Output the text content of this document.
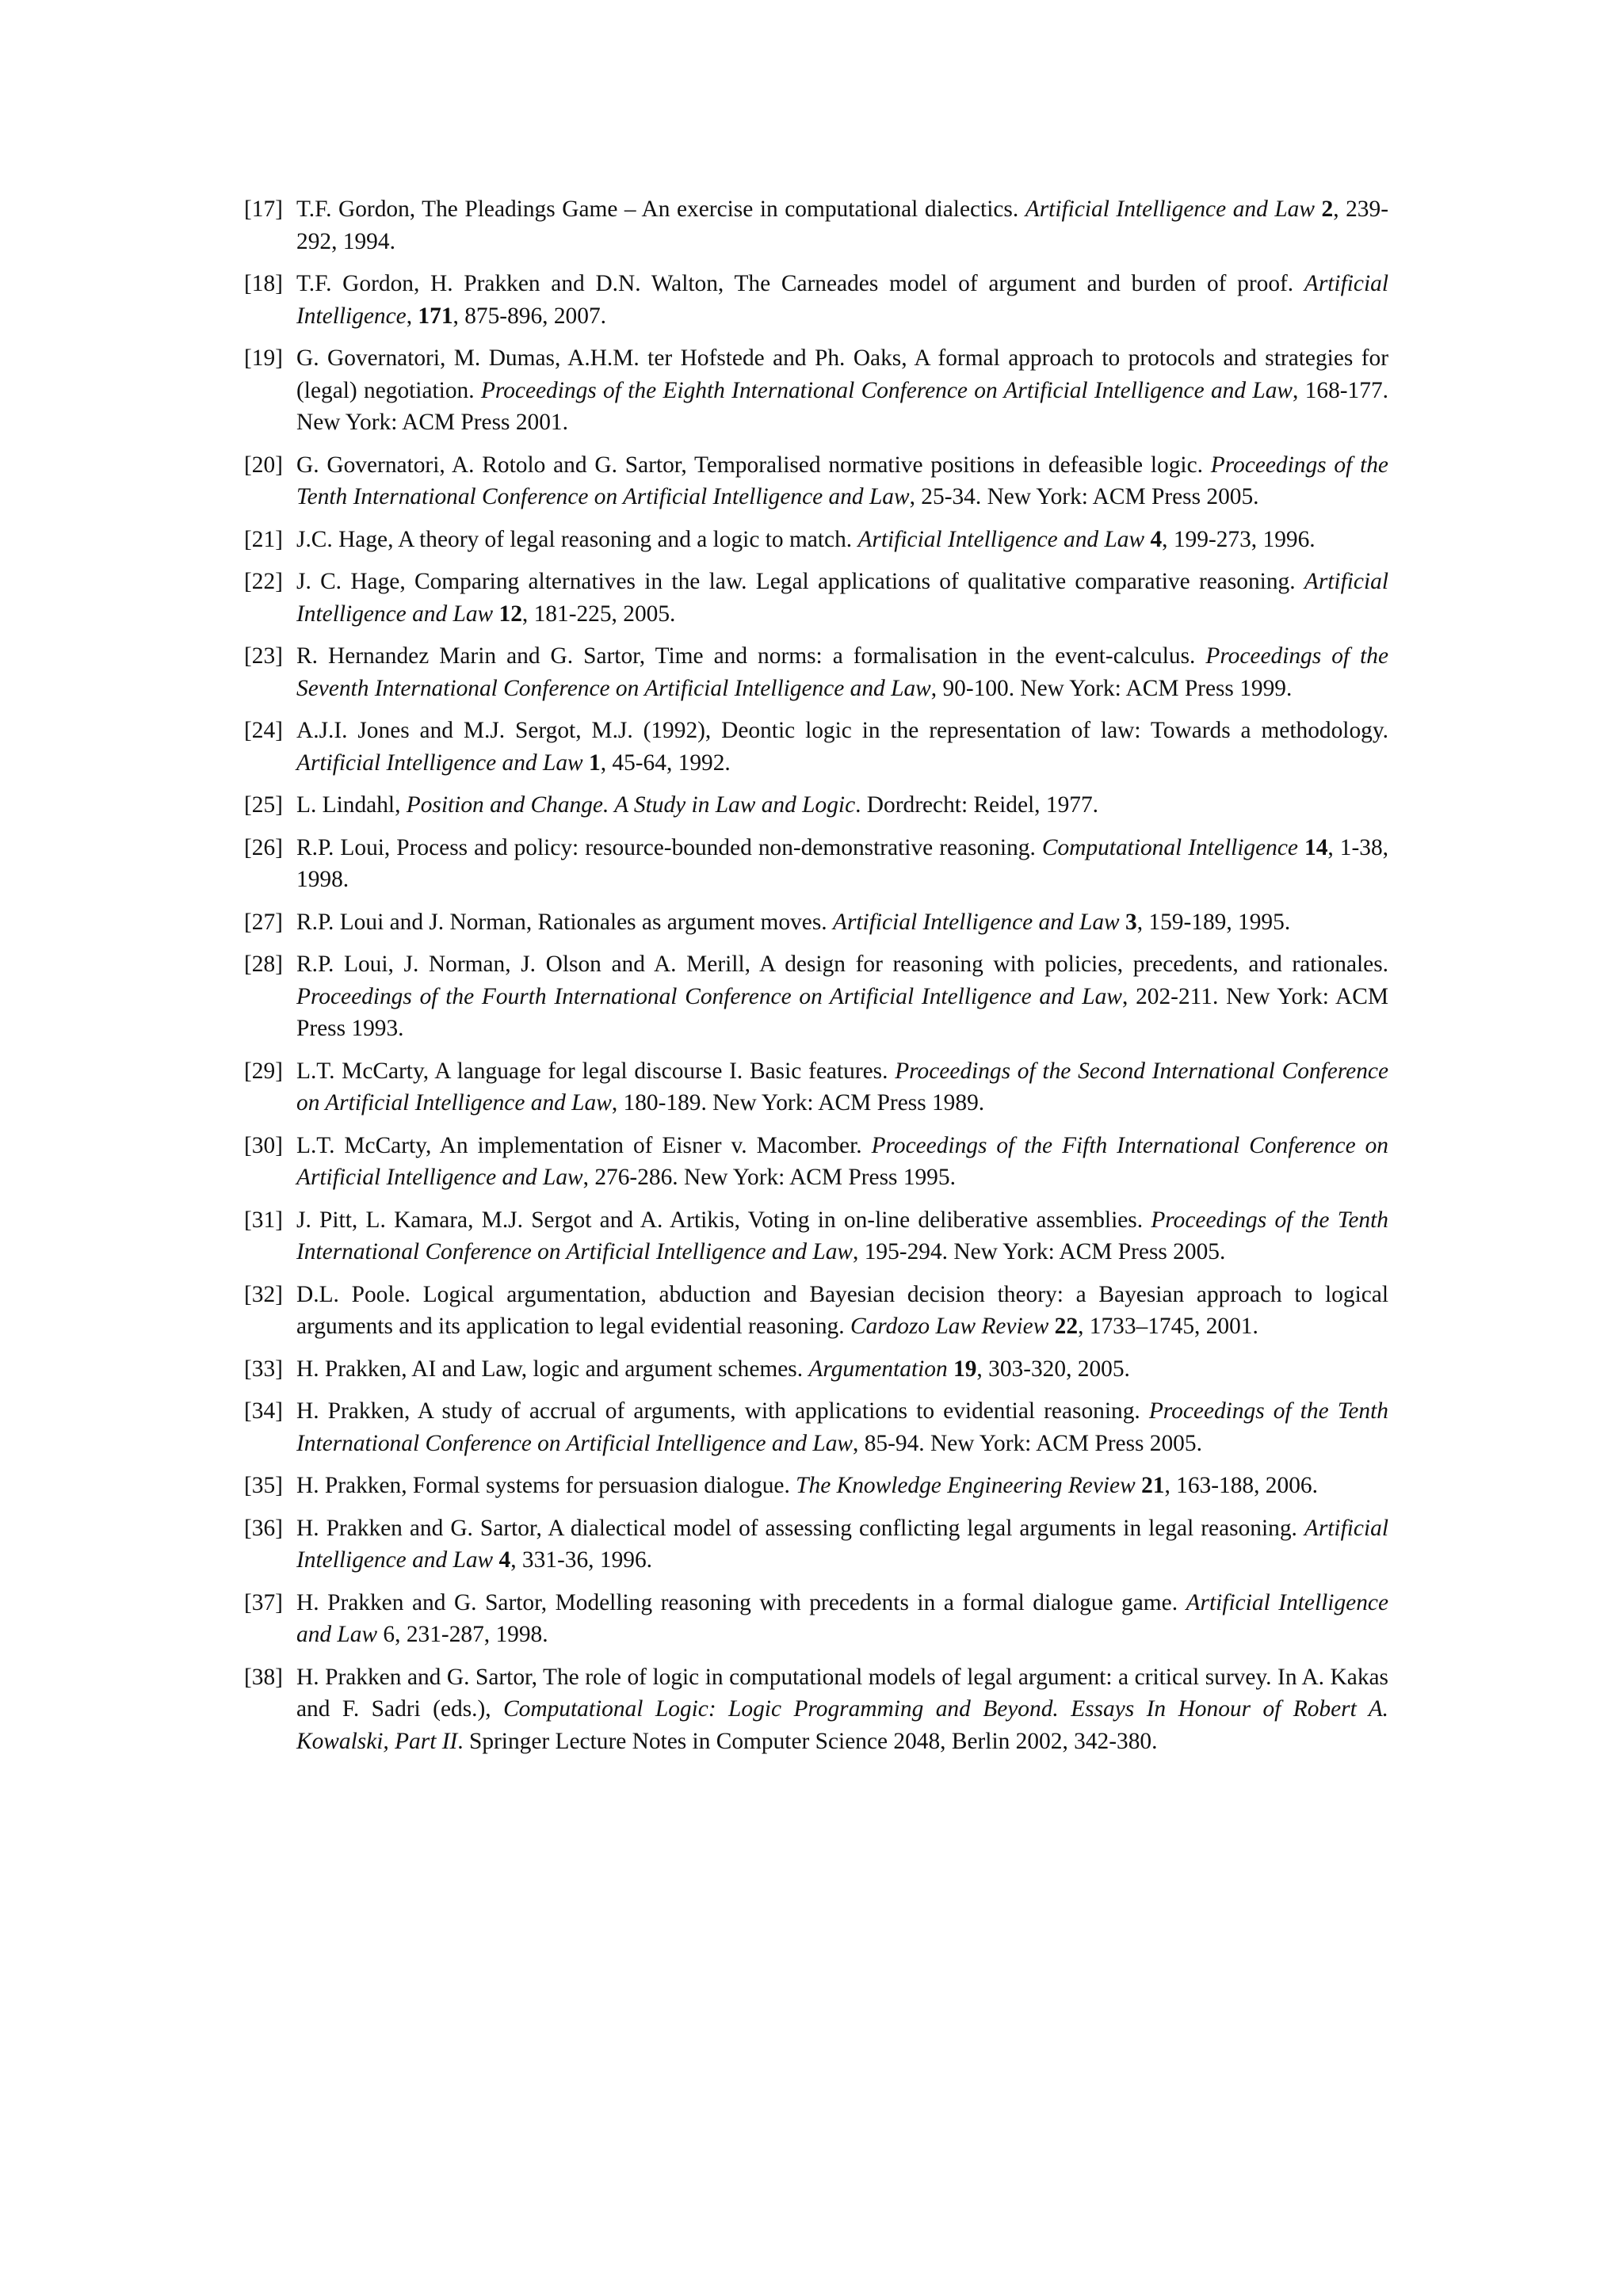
[17] T.F. Gordon, The Pleadings Game – An exercise in computational dialectics. Artificial Intelligence and Law 2, 239-292, 1994.
[18] T.F. Gordon, H. Prakken and D.N. Walton, The Carneades model of argument and burden of proof. Artificial Intelligence, 171, 875-896, 2007.
[19] G. Governatori, M. Dumas, A.H.M. ter Hofstede and Ph. Oaks, A formal approach to protocols and strategies for (legal) negotiation. Proceedings of the Eighth International Conference on Artificial Intelligence and Law, 168-177. New York: ACM Press 2001.
[20] G. Governatori, A. Rotolo and G. Sartor, Temporalised normative positions in defeasible logic. Proceedings of the Tenth International Conference on Artificial Intelligence and Law, 25-34. New York: ACM Press 2005.
[21] J.C. Hage, A theory of legal reasoning and a logic to match. Artificial Intelligence and Law 4, 199-273, 1996.
[22] J. C. Hage, Comparing alternatives in the law. Legal applications of qualitative comparative reasoning. Artificial Intelligence and Law 12, 181-225, 2005.
[23] R. Hernandez Marin and G. Sartor, Time and norms: a formalisation in the event-calculus. Proceedings of the Seventh International Conference on Artificial Intelligence and Law, 90-100. New York: ACM Press 1999.
[24] A.J.I. Jones and M.J. Sergot, M.J. (1992), Deontic logic in the representation of law: Towards a methodology. Artificial Intelligence and Law 1, 45-64, 1992.
[25] L. Lindahl, Position and Change. A Study in Law and Logic. Dordrecht: Reidel, 1977.
[26] R.P. Loui, Process and policy: resource-bounded non-demonstrative reasoning. Computational Intelligence 14, 1-38, 1998.
[27] R.P. Loui and J. Norman, Rationales as argument moves. Artificial Intelligence and Law 3, 159-189, 1995.
[28] R.P. Loui, J. Norman, J. Olson and A. Merill, A design for reasoning with policies, precedents, and rationales. Proceedings of the Fourth International Conference on Artificial Intelligence and Law, 202-211. New York: ACM Press 1993.
[29] L.T. McCarty, A language for legal discourse I. Basic features. Proceedings of the Second International Conference on Artificial Intelligence and Law, 180-189. New York: ACM Press 1989.
[30] L.T. McCarty, An implementation of Eisner v. Macomber. Proceedings of the Fifth International Conference on Artificial Intelligence and Law, 276-286. New York: ACM Press 1995.
[31] J. Pitt, L. Kamara, M.J. Sergot and A. Artikis, Voting in on-line deliberative assemblies. Proceedings of the Tenth International Conference on Artificial Intelligence and Law, 195-294. New York: ACM Press 2005.
[32] D.L. Poole. Logical argumentation, abduction and Bayesian decision theory: a Bayesian approach to logical arguments and its application to legal evidential reasoning. Cardozo Law Review 22, 1733–1745, 2001.
[33] H. Prakken, AI and Law, logic and argument schemes. Argumentation 19, 303-320, 2005.
[34] H. Prakken, A study of accrual of arguments, with applications to evidential reasoning. Proceedings of the Tenth International Conference on Artificial Intelligence and Law, 85-94. New York: ACM Press 2005.
[35] H. Prakken, Formal systems for persuasion dialogue. The Knowledge Engineering Review 21, 163-188, 2006.
[36] H. Prakken and G. Sartor, A dialectical model of assessing conflicting legal arguments in legal reasoning. Artificial Intelligence and Law 4, 331-36, 1996.
[37] H. Prakken and G. Sartor, Modelling reasoning with precedents in a formal dialogue game. Artificial Intelligence and Law 6, 231-287, 1998.
[38] H. Prakken and G. Sartor, The role of logic in computational models of legal argument: a critical survey. In A. Kakas and F. Sadri (eds.), Computational Logic: Logic Programming and Beyond. Essays In Honour of Robert A. Kowalski, Part II. Springer Lecture Notes in Computer Science 2048, Berlin 2002, 342-380.
